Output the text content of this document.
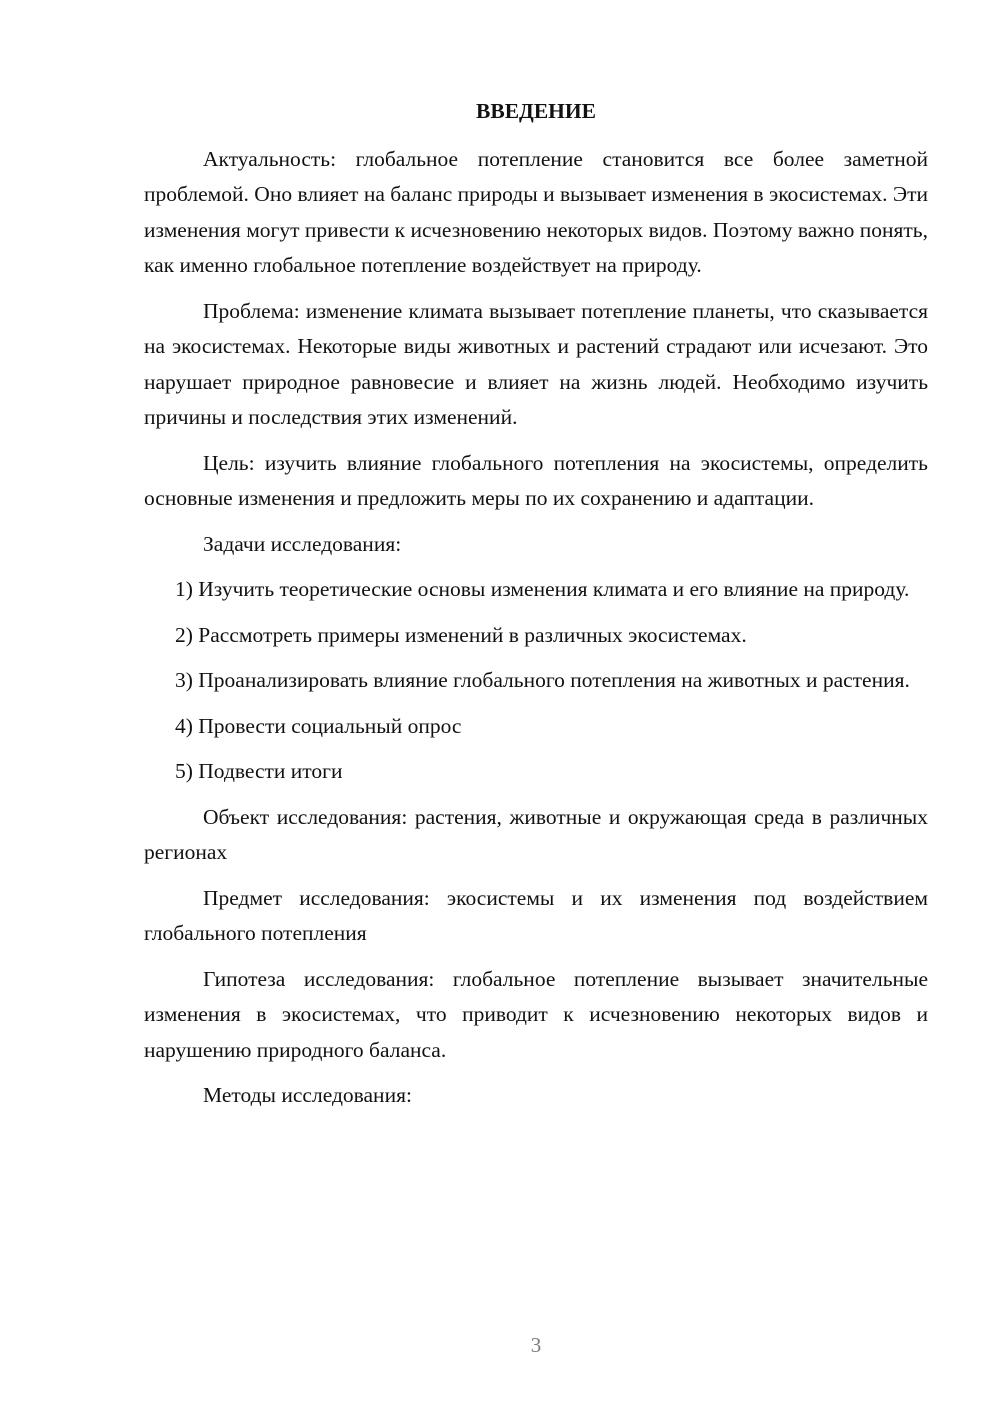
ВВЕДЕНИЕ

Актуальность: глобальное потепление становится все более заметной проблемой. Оно влияет на баланс природы и вызывает изменения в экосистемах. Эти изменения могут привести к исчезновению некоторых видов. Поэтому важно понять, как именно глобальное потепление воздействует на природу.

Проблема: изменение климата вызывает потепление планеты, что сказывается на экосистемах. Некоторые виды животных и растений страдают или исчезают. Это нарушает природное равновесие и влияет на жизнь людей. Необходимо изучить причины и последствия этих изменений.

Цель: изучить влияние глобального потепления на экосистемы, определить основные изменения и предложить меры по их сохранению и адаптации.

Задачи исследования:

1) Изучить теоретические основы изменения климата и его влияние на природу.

2) Рассмотреть примеры изменений в различных экосистемах.

3) Проанализировать влияние глобального потепления на животных и растения.

4) Провести социальный опрос

5) Подвести итоги

Объект исследования: растения, животные и окружающая среда в различных регионах

Предмет исследования: экосистемы и их изменения под воздействием глобального потепления

Гипотеза исследования: глобальное потепление вызывает значительные изменения в экосистемах, что приводит к исчезновению некоторых видов и нарушению природного баланса.

Методы исследования:

3
